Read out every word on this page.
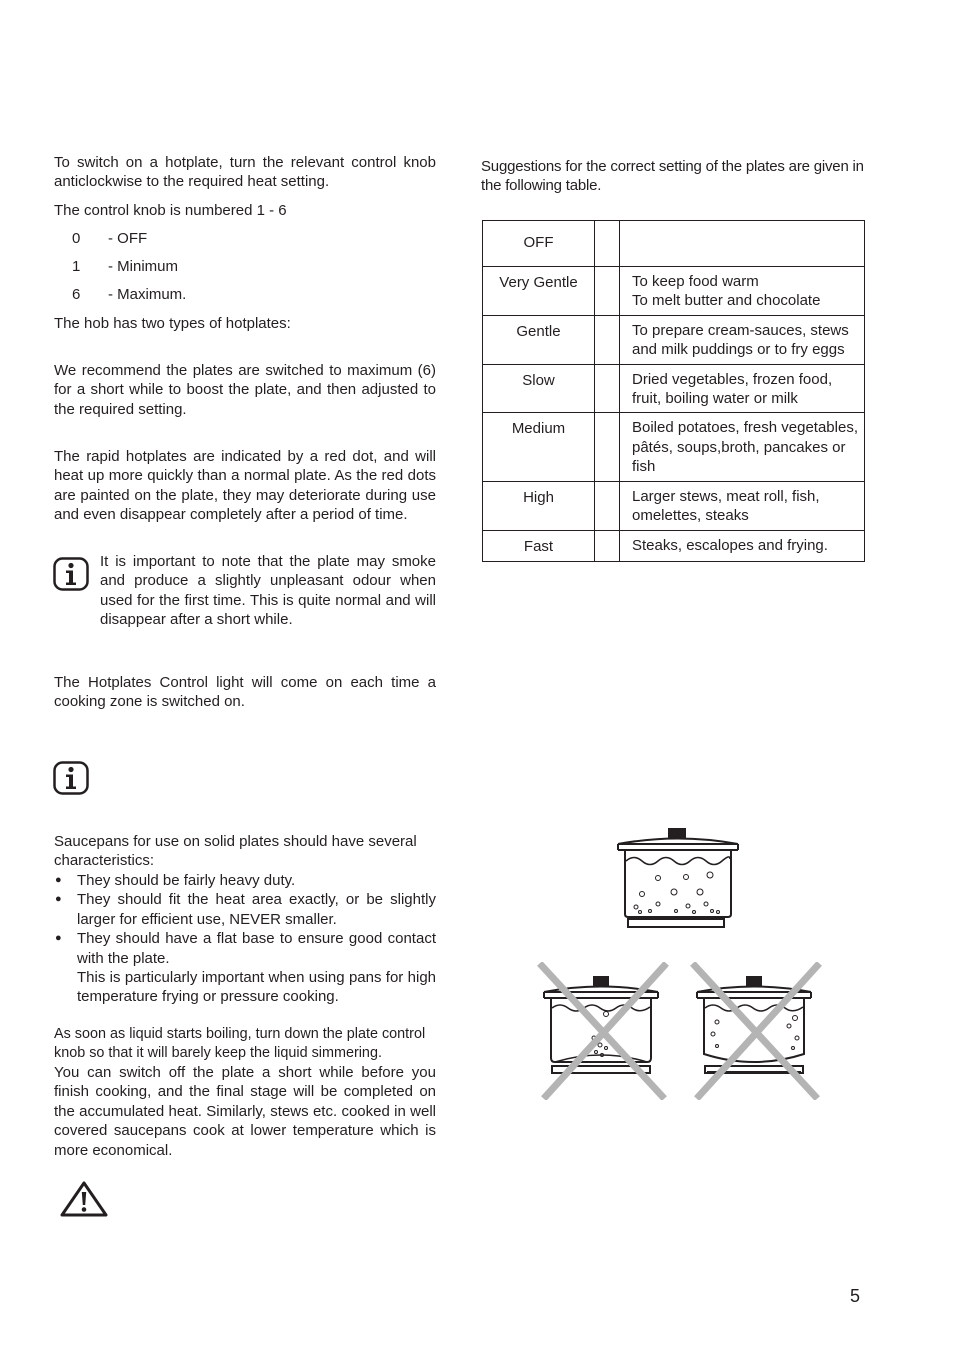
To switch on a hotplate, turn the relevant control knob anticlockwise to the required heat setting.

The control knob is numbered 1 - 6

0	- OFF
1	- Minimum
6	- Maximum.

The hob has two types of hotplates:

We recommend the plates are switched to maximum (6) for a short while to boost the plate, and then adjusted to the required setting.

The rapid hotplates are indicated by a red dot, and will heat up more quickly than a normal plate. As the red dots are painted on the plate, they may deteriorate during use and even disappear completely after a period of time.

It is important to note that the plate may smoke and produce a slightly unpleasant odour when used for the first time. This is quite normal and will disappear after a short while.

The Hotplates Control light will come on each time a cooking zone is switched on.

Saucepans for use on solid plates should have several characteristics:

● They should be fairly heavy duty.
● They should fit the heat area exactly, or be slightly larger for efficient use, NEVER smaller.
● They should have a flat base to ensure good contact with the plate.
This is particularly important when using pans for high temperature frying or pressure cooking.

As soon as liquid starts boiling, turn down the plate control knob so that it will barely keep the liquid simmering.

You can switch off the plate a short while before you finish cooking, and the final stage will be completed on the accumulated heat. Similarly, stews etc. cooked in well covered saucepans cook at lower temperature which is more economical.

Suggestions for the correct setting of the plates are given in the following table.

OFF		
Very Gentle		To keep food warm
To melt butter and chocolate

Gentle		To prepare cream-sauces, stews and milk puddings or to fry eggs
Slow		Dried vegetables, frozen food, fruit, boiling water or milk
Medium		Boiled potatoes, fresh vegetables, pâtés, soups,broth, pancakes or fish
High		Larger stews, meat roll, fish, omelettes, steaks
Fast		Steaks, escalopes and frying.
5
